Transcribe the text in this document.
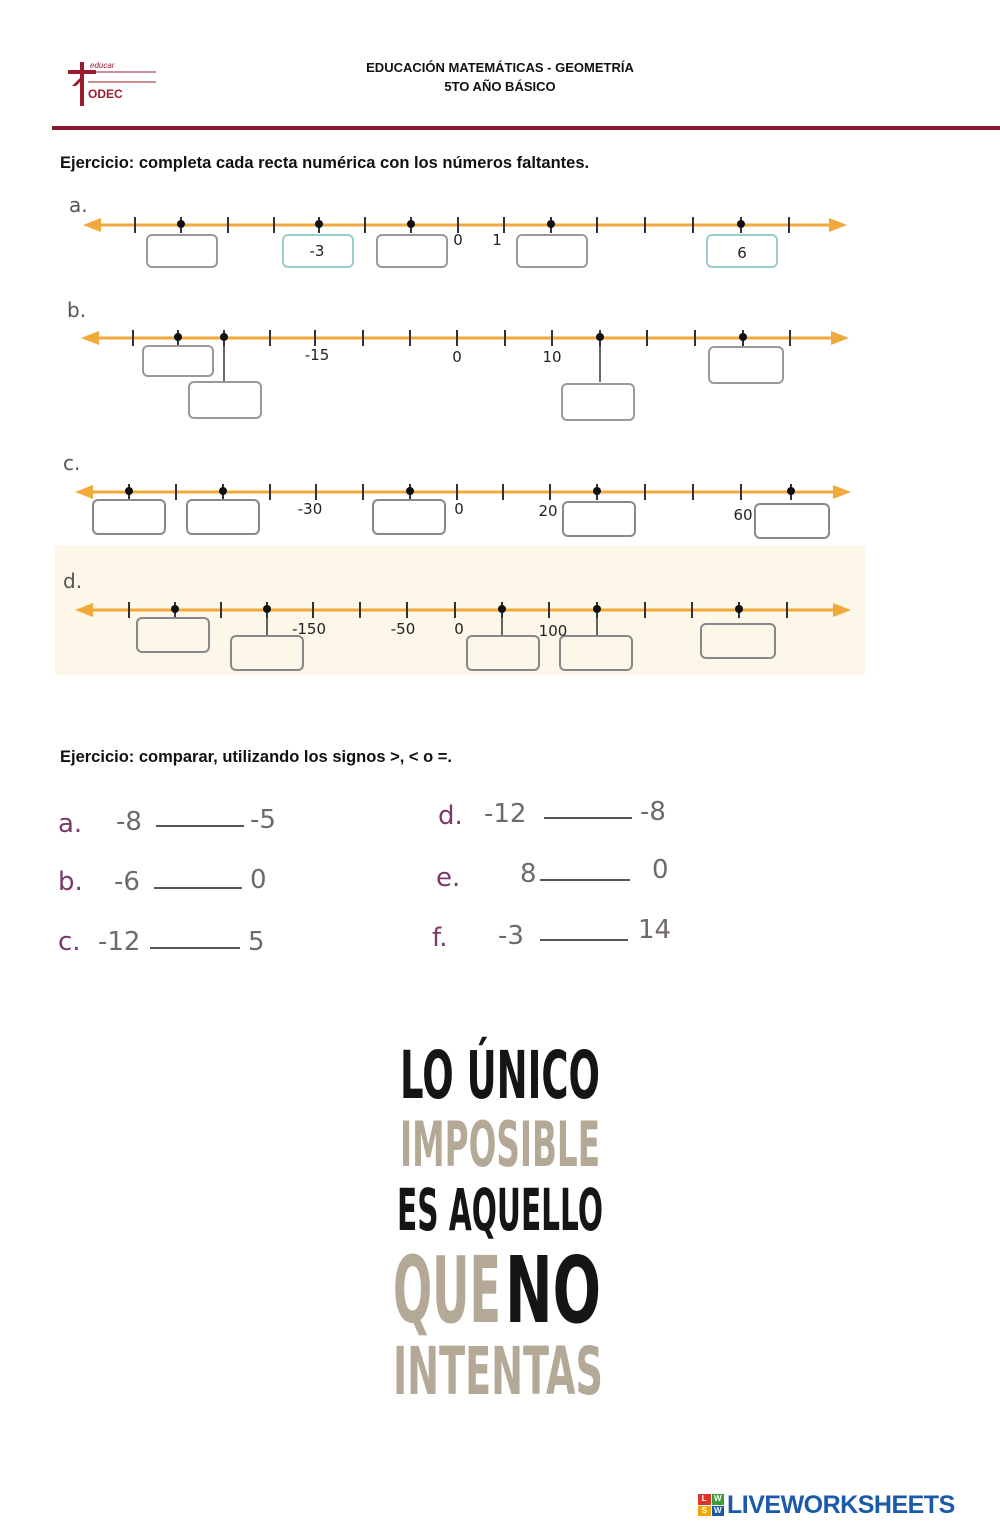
educar
ODEC
EDUCACIÓN MATEMÁTICAS - GEOMETRÍA
5TO AÑO BÁSICO
Ejercicio: completa cada recta numérica con los números faltantes.
a.
-3
0 1
6
b.
-15	0	10
c.
-30	0	20	60
d.
-150	-50	0	100
Ejercicio: comparar, utilizando los signos >, < o =.
a. -8	-5
b. -6	0
c. -12	5
d. -12	-8
e. 8	0
f. -3	14
LO ÚNICO
IMPOSIBLE
ES AQUELLO
QUE NO
INTENTAS
L W
S W LIVEWORKSHEETS
